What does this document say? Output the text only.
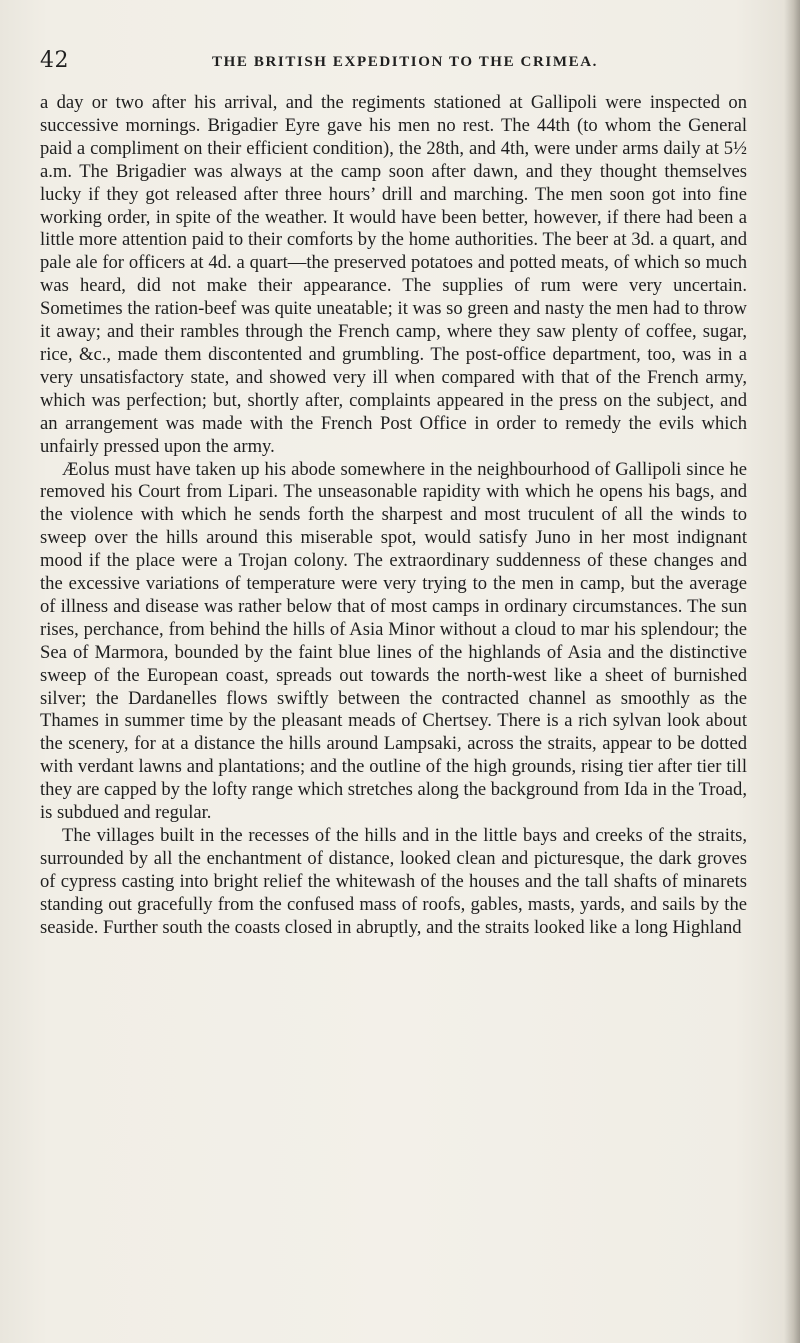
42	THE BRITISH EXPEDITION TO THE CRIMEA.

a day or two after his arrival, and the regiments stationed at Gallipoli were inspected on successive mornings. Brigadier Eyre gave his men no rest. The 44th (to whom the General paid a compliment on their efficient condition), the 28th, and 4th, were under arms daily at 5½ a.m. The Brigadier was always at the camp soon after dawn, and they thought themselves lucky if they got released after three hours’ drill and marching. The men soon got into fine working order, in spite of the weather. It would have been better, however, if there had been a little more attention paid to their comforts by the home authorities. The beer at 3d. a quart, and pale ale for officers at 4d. a quart—the preserved potatoes and potted meats, of which so much was heard, did not make their appearance. The supplies of rum were very uncertain. Sometimes the ration-beef was quite uneatable; it was so green and nasty the men had to throw it away; and their rambles through the French camp, where they saw plenty of coffee, sugar, rice, &c., made them discontented and grumbling. The post-office department, too, was in a very unsatisfactory state, and showed very ill when compared with that of the French army, which was perfection; but, shortly after, complaints appeared in the press on the subject, and an arrangement was made with the French Post Office in order to remedy the evils which unfairly pressed upon the army.

Æolus must have taken up his abode somewhere in the neighbourhood of Gallipoli since he removed his Court from Lipari. The unseasonable rapidity with which he opens his bags, and the violence with which he sends forth the sharpest and most truculent of all the winds to sweep over the hills around this miserable spot, would satisfy Juno in her most indignant mood if the place were a Trojan colony. The extraordinary suddenness of these changes and the excessive variations of temperature were very trying to the men in camp, but the average of illness and disease was rather below that of most camps in ordinary circumstances. The sun rises, perchance, from behind the hills of Asia Minor without a cloud to mar his splendour; the Sea of Marmora, bounded by the faint blue lines of the highlands of Asia and the distinctive sweep of the European coast, spreads out towards the north-west like a sheet of burnished silver; the Dardanelles flows swiftly between the contracted channel as smoothly as the Thames in summer time by the pleasant meads of Chertsey. There is a rich sylvan look about the scenery, for at a distance the hills around Lampsaki, across the straits, appear to be dotted with verdant lawns and plantations; and the outline of the high grounds, rising tier after tier till they are capped by the lofty range which stretches along the background from Ida in the Troad, is subdued and regular.

The villages built in the recesses of the hills and in the little bays and creeks of the straits, surrounded by all the enchantment of distance, looked clean and picturesque, the dark groves of cypress casting into bright relief the whitewash of the houses and the tall shafts of minarets standing out gracefully from the confused mass of roofs, gables, masts, yards, and sails by the seaside. Further south the coasts closed in abruptly, and the straits looked like a long Highland
